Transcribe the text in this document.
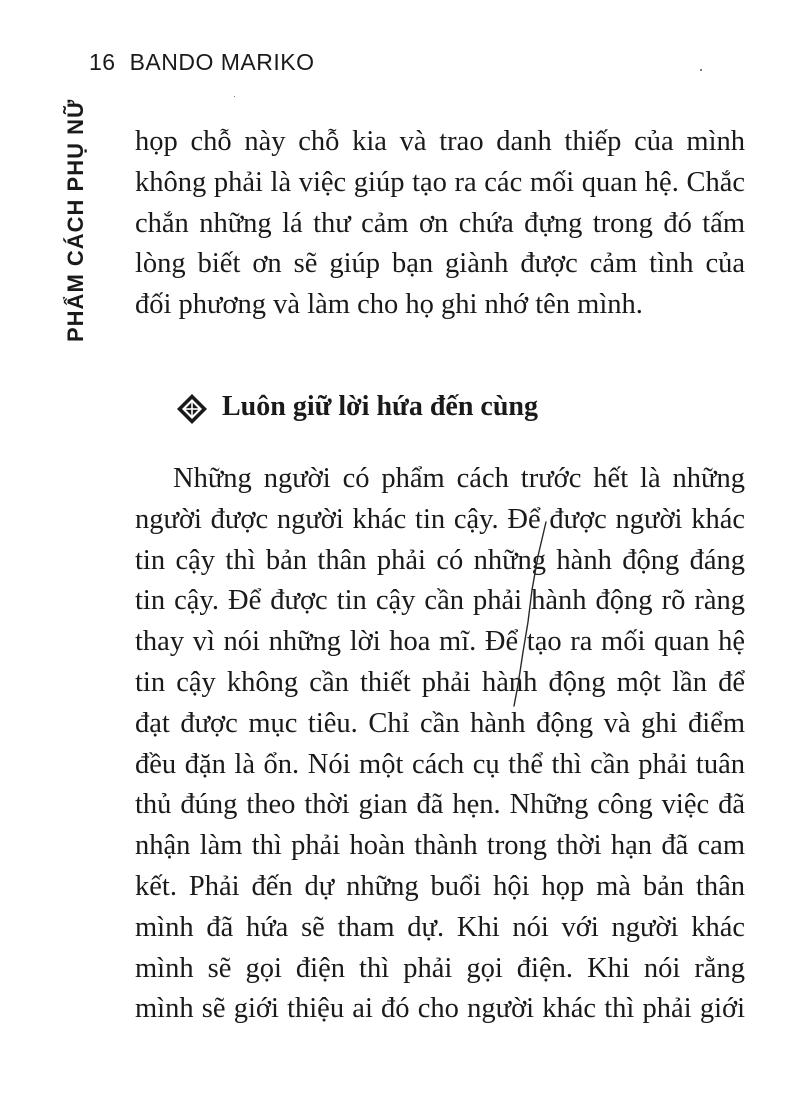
16 BANDO MARIKO
PHẨM CÁCH PHỤ NỮ họp chỗ này chỗ kia và trao danh thiếp của mình
không phải là việc giúp tạo ra các mối quan hệ. Chắc
chắn những lá thư cảm ơn chứa đựng trong đó tấm
lòng biết ơn sẽ giúp bạn giành được cảm tình của
đối phương và làm cho họ ghi nhớ tên mình.
Luôn giữ lời hứa đến cùng
Những người có phẩm cách trước hết là những
người được người khác tin cậy. Để được người khác
tin cậy thì bản thân phải có những hành động đáng
tin cậy. Để được tin cậy cần phải hành động rõ ràng
thay vì nói những lời hoa mĩ. Để tạo ra mối quan hệ
tin cậy không cần thiết phải hành động một lần để
đạt được mục tiêu. Chỉ cần hành động và ghi điểm
đều đặn là ổn. Nói một cách cụ thể thì cần phải tuân
thủ đúng theo thời gian đã hẹn. Những công việc đã
nhận làm thì phải hoàn thành trong thời hạn đã cam
kết. Phải đến dự những buổi hội họp mà bản thân
mình đã hứa sẽ tham dự. Khi nói với người khác
mình sẽ gọi điện thì phải gọi điện. Khi nói rằng
mình sẽ giới thiệu ai đó cho người khác thì phải giới
